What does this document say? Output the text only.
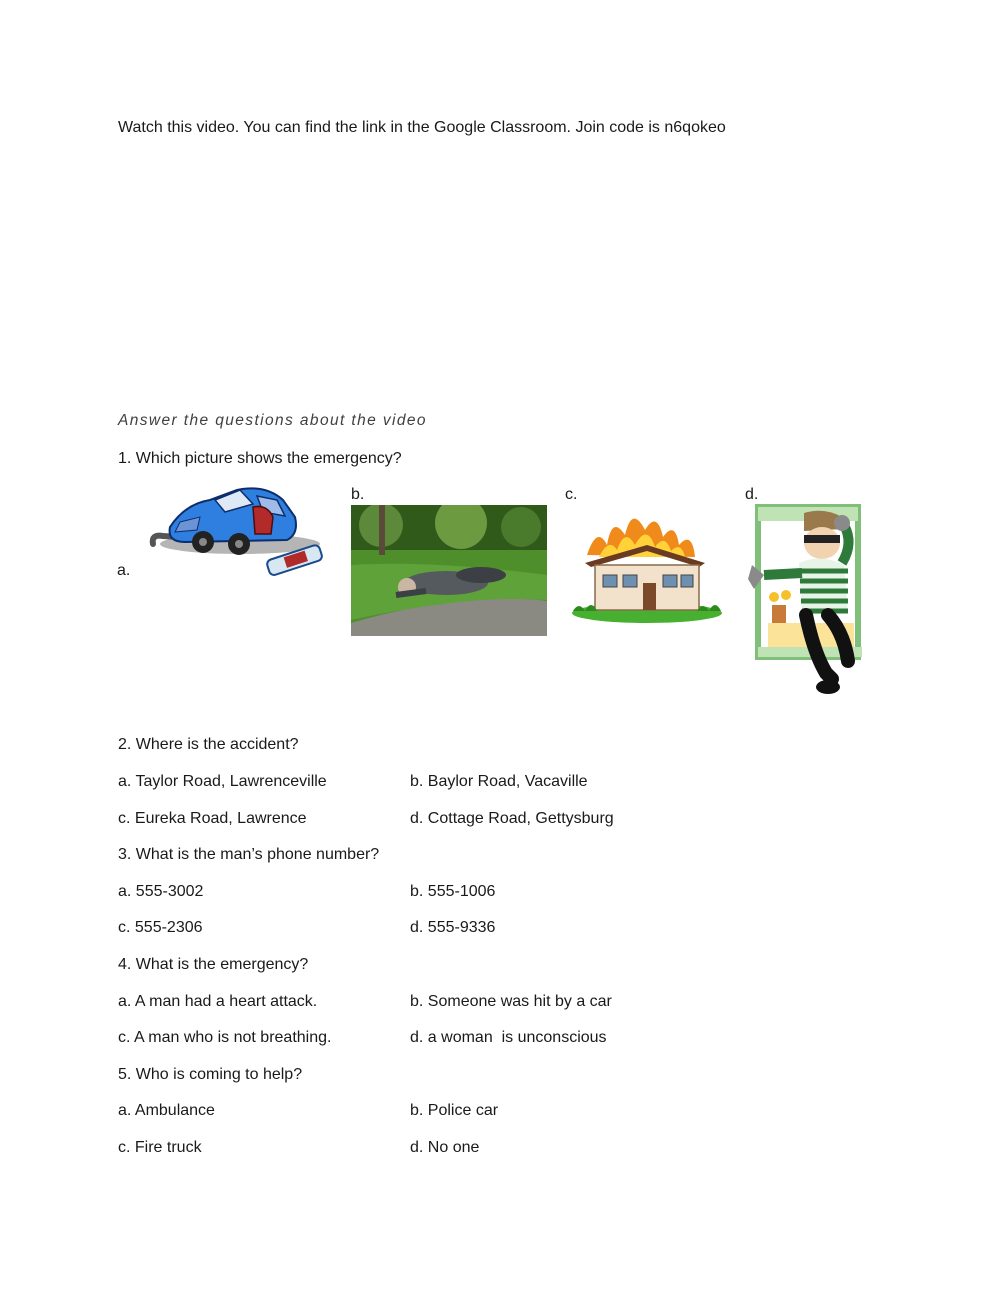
Watch this video. You can find the link in the Google Classroom. Join code is n6qokeo
Answer the questions about the video
1. Which picture shows the emergency?
a.
b.	c.	d.
2. Where is the accident?
a. Taylor Road, Lawrenceville	b. Baylor Road, Vacaville
c. Eureka Road, Lawrence	d. Cottage Road, Gettysburg
3. What is the man’s phone number?
a. 555-3002	b. 555-1006
c. 555-2306	d. 555-9336
4. What is the emergency?
a. A man had a heart attack.	b. Someone was hit by a car
c. A man who is not breathing.	d. a woman  is unconscious
5. Who is coming to help?
a. Ambulance	b. Police car
c. Fire truck	d. No one
